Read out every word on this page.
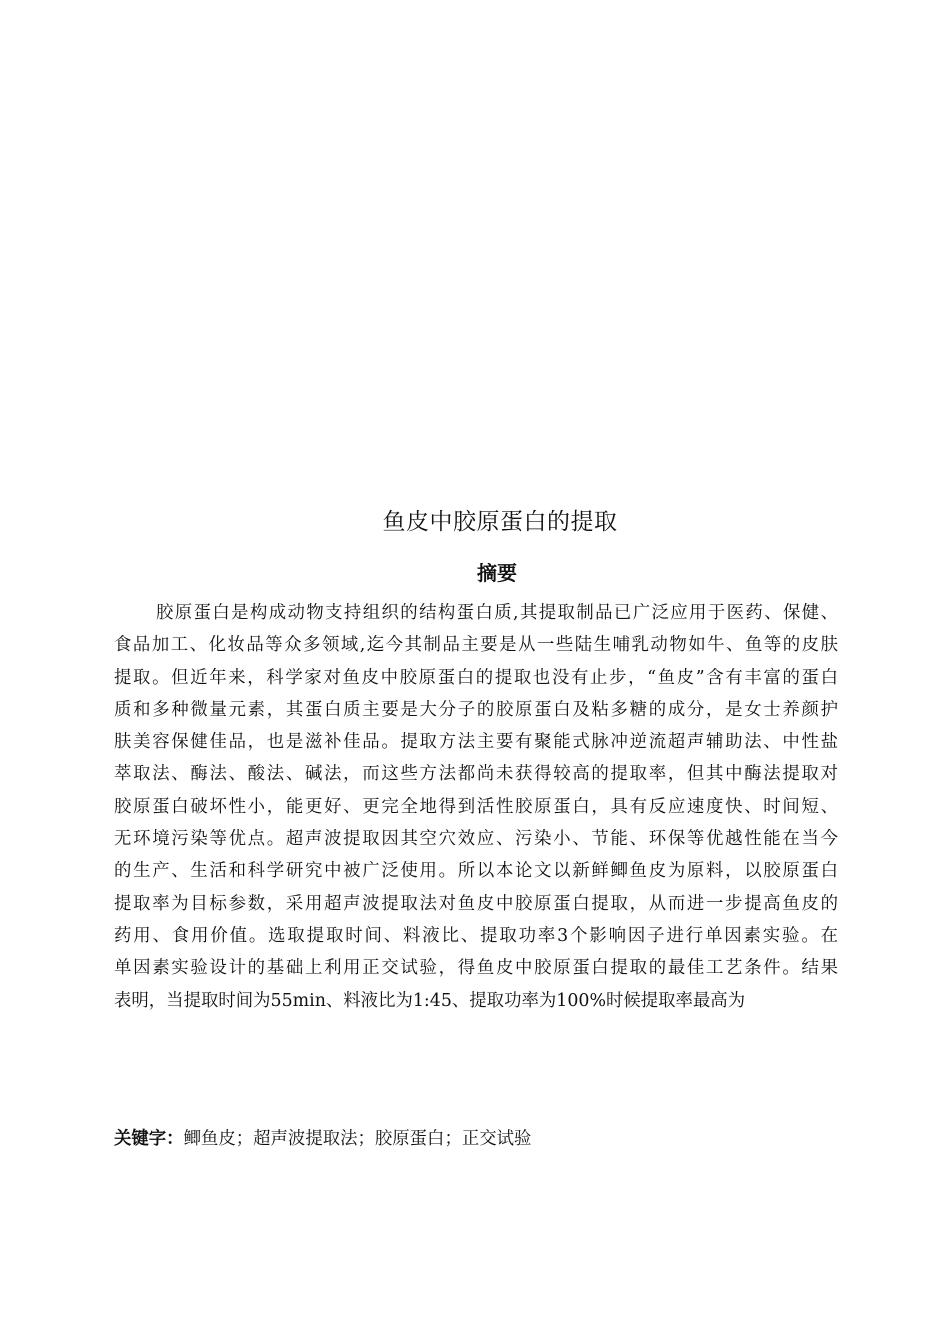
鱼皮中胶原蛋白的提取
摘要
胶原蛋白是构成动物支持组织的结构蛋白质,其提取制品已广泛应用于医药、保健、
食品加工、化妆品等众多领域,迄今其制品主要是从一些陆生哺乳动物如牛、鱼等的皮肤
提取。但近年来，科学家对鱼皮中胶原蛋白的提取也没有止步，“鱼皮”含有丰富的蛋白
质和多种微量元素，其蛋白质主要是大分子的胶原蛋白及粘多糖的成分，是女士养颜护
肤美容保健佳品，也是滋补佳品。提取方法主要有聚能式脉冲逆流超声辅助法、中性盐
萃取法、酶法、酸法、碱法，而这些方法都尚未获得较高的提取率，但其中酶法提取对
胶原蛋白破坏性小，能更好、更完全地得到活性胶原蛋白，具有反应速度快、时间短、
无环境污染等优点。超声波提取因其空穴效应、污染小、节能、环保等优越性能在当今
的生产、生活和科学研究中被广泛使用。所以本论文以新鲜鲫鱼皮为原料，以胶原蛋白
提取率为目标参数，采用超声波提取法对鱼皮中胶原蛋白提取，从而进一步提高鱼皮的
药用、食用价值。选取提取时间、料液比、提取功率3个影响因子进行单因素实验。在
单因素实验设计的基础上利用正交试验，得鱼皮中胶原蛋白提取的最佳工艺条件。结果
表明，当提取时间为55min、料液比为1:45、提取功率为100%时候提取率最高为

关键字：鲫鱼皮；超声波提取法；胶原蛋白；正交试验
